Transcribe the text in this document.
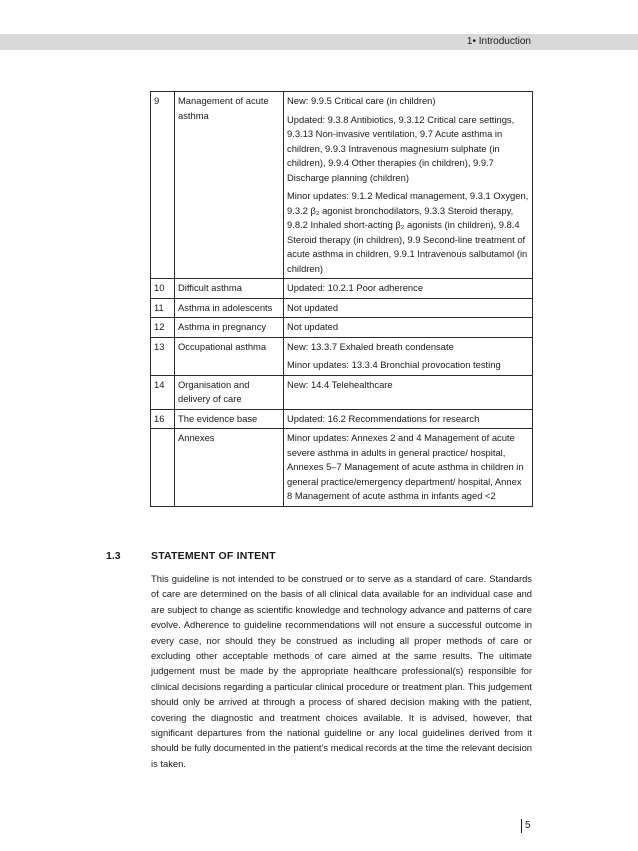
1• Introduction
9	Management of acute asthma	New: 9.9.5 Critical care (in children)

Updated: 9.3.8 Antibiotics, 9.3.12 Critical care settings, 9.3.13 Non-invasive ventilation, 9.7 Acute asthma in children, 9.9.3 Intravenous magnesium sulphate (in children), 9.9.4 Other therapies (in children), 9.9.7 Discharge planning (children)

Minor updates: 9.1.2 Medical management, 9.3.1 Oxygen, 9.3.2 β₂ agonist bronchodilators, 9.3.3 Steroid therapy, 9.8.2 Inhaled short-acting β₂ agonists (in children), 9.8.4 Steroid therapy (in children), 9.9 Second-line treatment of acute asthma in children, 9.9.1 Intravenous salbutamol (in children)

10	Difficult asthma	Updated: 10.2.1 Poor adherence

11	Asthma in adolescents	Not updated

12	Asthma in pregnancy	Not updated

13	Occupational asthma	New: 13.3.7 Exhaled breath condensate

Minor updates: 13.3.4 Bronchial provocation testing

14	Organisation and delivery of care	New: 14.4 Telehealthcare

16	The evidence base	Updated: 16.2 Recommendations for research

	Annexes	Minor updates: Annexes 2 and 4 Management of acute severe asthma in adults in general practice/ hospital, Annexes 5–7 Management of acute asthma in children in general practice/emergency department/ hospital, Annex 8 Management of acute asthma in infants aged <2

1.3	STATEMENT OF INTENT

This guideline is not intended to be construed or to serve as a standard of care. Standards of care are determined on the basis of all clinical data available for an individual case and are subject to change as scientific knowledge and technology advance and patterns of care evolve. Adherence to guideline recommendations will not ensure a successful outcome in every case, nor should they be construed as including all proper methods of care or excluding other acceptable methods of care aimed at the same results. The ultimate judgement must be made by the appropriate healthcare professional(s) responsible for clinical decisions regarding a particular clinical procedure or treatment plan. This judgement should only be arrived at through a process of shared decision making with the patient, covering the diagnostic and treatment choices available. It is advised, however, that significant departures from the national guideline or any local guidelines derived from it should be fully documented in the patient’s medical records at the time the relevant decision is taken.

5
